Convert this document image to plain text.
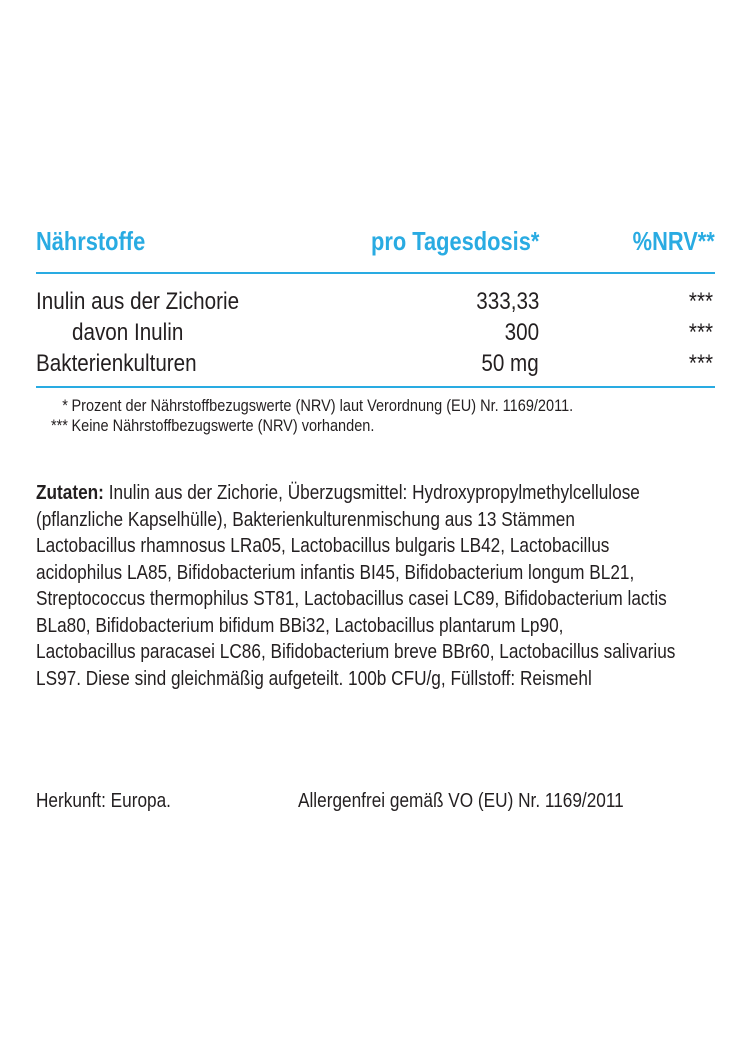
Nährstoffe	pro Tagesdosis*	%NRV**
Inulin aus der Zichorie	333,33	***
davon Inulin	300	***
Bakterienkulturen	50 mg	***
* Prozent der Nährstoffbezugswerte (NRV) laut Verordnung (EU) Nr. 1169/2011.
*** Keine Nährstoffbezugswerte (NRV) vorhanden.
Zutaten: Inulin aus der Zichorie, Überzugsmittel: Hydroxypropylmethylcellulose
(pflanzliche Kapselhülle), Bakterienkulturenmischung aus 13 Stämmen
Lactobacillus rhamnosus LRa05, Lactobacillus bulgaris LB42, Lactobacillus
acidophilus LA85, Bifidobacterium infantis BI45, Bifidobacterium longum BL21,
Streptococcus thermophilus ST81, Lactobacillus casei LC89, Bifidobacterium lactis
BLa80, Bifidobacterium bifidum BBi32, Lactobacillus plantarum Lp90,
Lactobacillus paracasei LC86, Bifidobacterium breve BBr60, Lactobacillus salivarius
LS97. Diese sind gleichmäßig aufgeteilt. 100b CFU/g, Füllstoff: Reismehl
Herkunft: Europa.	Allergenfrei gemäß VO (EU) Nr. 1169/2011
